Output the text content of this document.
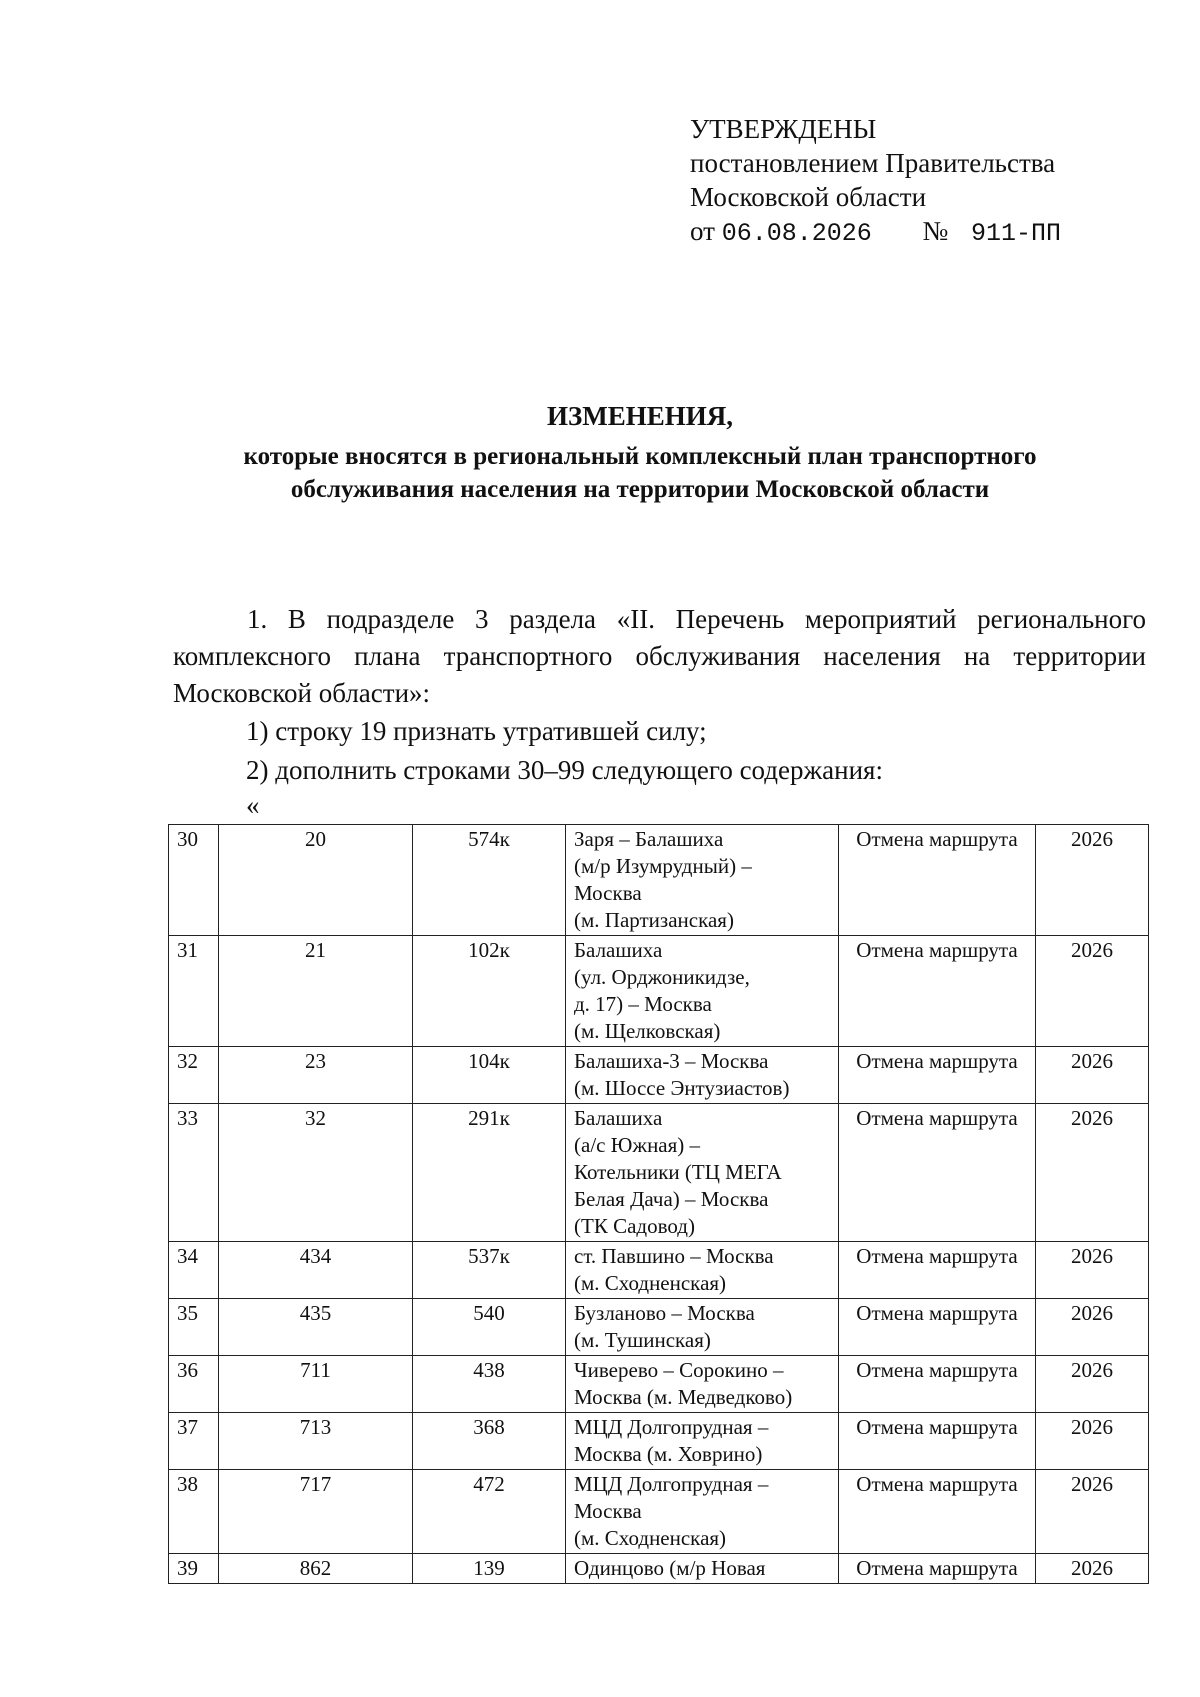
УТВЕРЖДЕНЫ
постановлением Правительства
Московской области
от 06.08.2026 № 911-ПП
ИЗМЕНЕНИЯ,
которые вносятся в региональный комплексный план транспортного
обслуживания населения на территории Московской области
1. В подразделе 3 раздела «II. Перечень мероприятий регионального комплексного плана транспортного обслуживания населения на территории Московской области»:
1) строку 19 признать утратившей силу;
2) дополнить строками 30–99 следующего содержания:
«
30	20	574к	Заря – Балашиха
(м/р Изумрудный) –
Москва
(м. Партизанская)	Отмена маршрута	2026
31	21	102к	Балашиха
(ул. Орджоникидзе,
д. 17) – Москва
(м. Щелковская)	Отмена маршрута	2026
32	23	104к	Балашиха-3 – Москва
(м. Шоссе Энтузиастов)	Отмена маршрута	2026
33	32	291к	Балашиха
(а/с Южная) –
Котельники (ТЦ МЕГА
Белая Дача) – Москва
(ТК Садовод)	Отмена маршрута	2026
34	434	537к	ст. Павшино – Москва
(м. Сходненская)	Отмена маршрута	2026
35	435	540	Бузланово – Москва
(м. Тушинская)	Отмена маршрута	2026
36	711	438	Чиверево – Сорокино –
Москва (м. Медведково)	Отмена маршрута	2026
37	713	368	МЦД Долгопрудная –
Москва (м. Ховрино)	Отмена маршрута	2026
38	717	472	МЦД Долгопрудная –
Москва
(м. Сходненская)	Отмена маршрута	2026
39	862	139	Одинцово (м/р Новая	Отмена маршрута	2026
